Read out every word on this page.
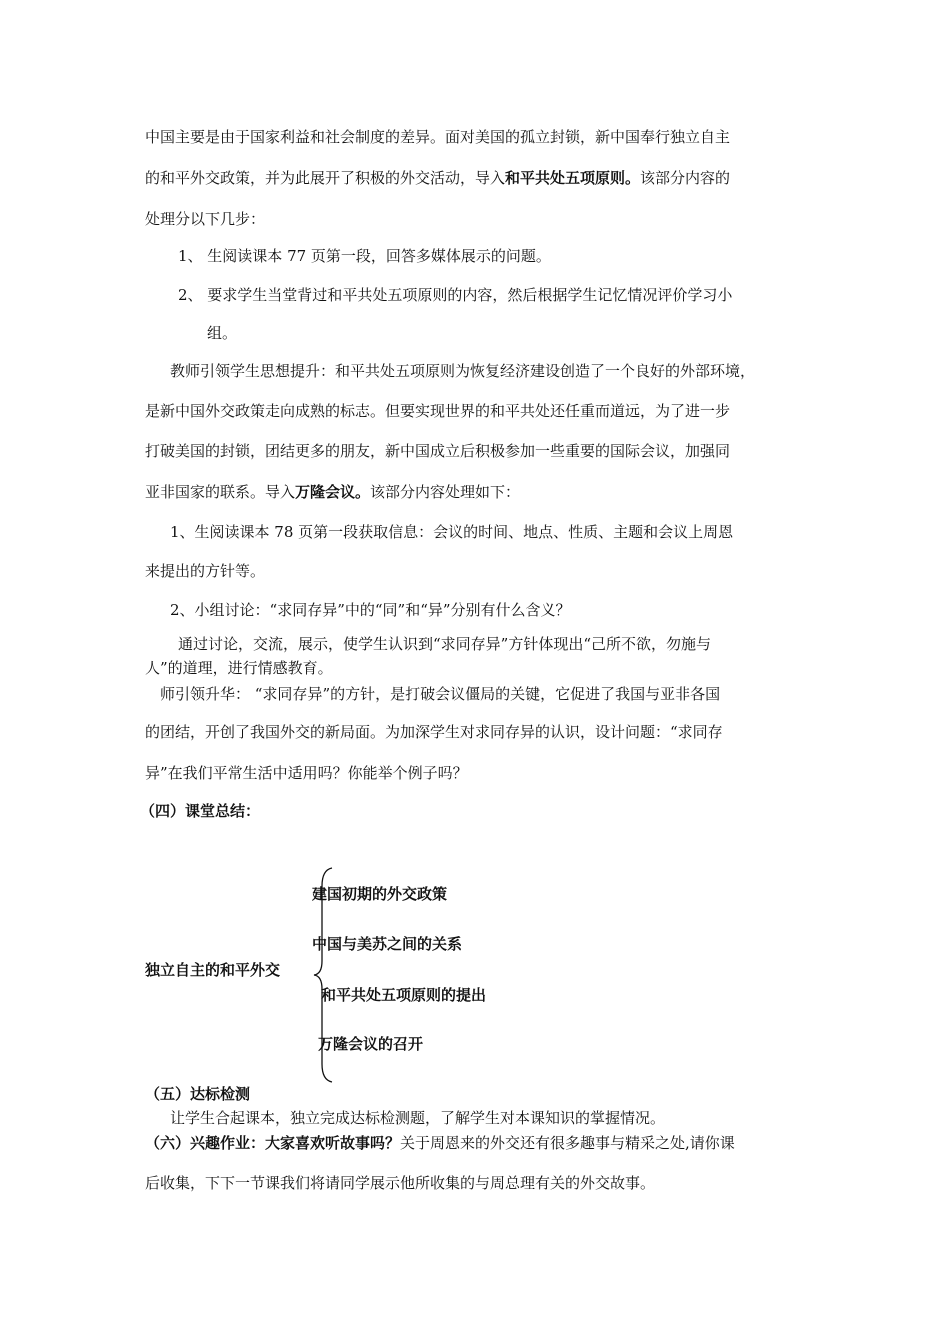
中国主要是由于国家利益和社会制度的差异。面对美国的孤立封锁，新中国奉行独立自主
的和平外交政策，并为此展开了积极的外交活动，导入和平共处五项原则。该部分内容的
处理分以下几步：
1、 生阅读课本 77 页第一段，回答多媒体展示的问题。
2、 要求学生当堂背过和平共处五项原则的内容，然后根据学生记忆情况评价学习小
组。
教师引领学生思想提升：和平共处五项原则为恢复经济建设创造了一个良好的外部环境，
是新中国外交政策走向成熟的标志。但要实现世界的和平共处还任重而道远，为了进一步
打破美国的封锁，团结更多的朋友，新中国成立后积极参加一些重要的国际会议，加强同
亚非国家的联系。导入万隆会议。该部分内容处理如下：
1、生阅读课本 78 页第一段获取信息：会议的时间、地点、性质、主题和会议上周恩
来提出的方针等。
2、小组讨论：“求同存异”中的“同”和“异”分别有什么含义？
通过讨论，交流，展示，使学生认识到“求同存异”方针体现出“己所不欲，勿施与
人”的道理，进行情感教育。
师引领升华： “求同存异”的方针，是打破会议僵局的关键，它促进了我国与亚非各国
的团结，开创了我国外交的新局面。为加深学生对求同存异的认识，设计问题：“求同存
异”在我们平常生活中适用吗？你能举个例子吗？
（四）课堂总结：
独立自主的和平外交
建国初期的外交政策
中国与美苏之间的关系
和平共处五项原则的提出
万隆会议的召开
（五）达标检测
让学生合起课本，独立完成达标检测题，了解学生对本课知识的掌握情况。
（六）兴趣作业：大家喜欢听故事吗？关于周恩来的外交还有很多趣事与精采之处,请你课
后收集，下下一节课我们将请同学展示他所收集的与周总理有关的外交故事。
